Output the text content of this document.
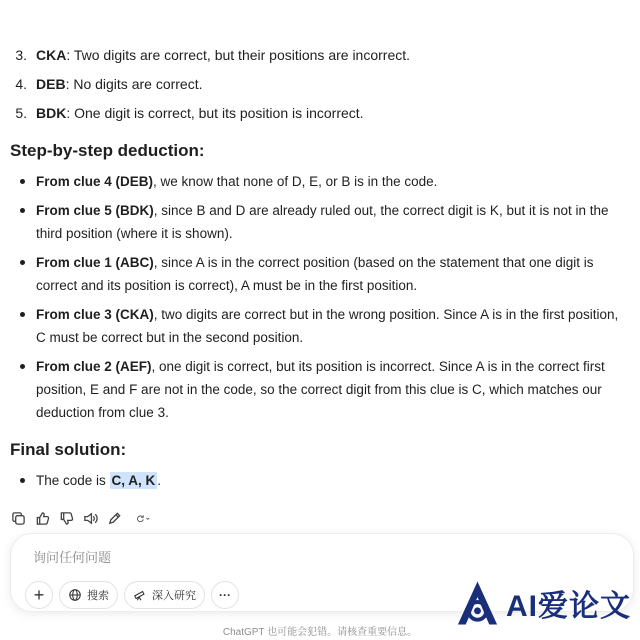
3. CKA: Two digits are correct, but their positions are incorrect.
4. DEB: No digits are correct.
5. BDK: One digit is correct, but its position is incorrect.
Step-by-step deduction:
From clue 4 (DEB), we know that none of D, E, or B is in the code.
From clue 5 (BDK), since B and D are already ruled out, the correct digit is K, but it is not in the third position (where it is shown).
From clue 1 (ABC), since A is in the correct position (based on the statement that one digit is correct and its position is correct), A must be in the first position.
From clue 3 (CKA), two digits are correct but in the wrong position. Since A is in the first position, C must be correct but in the second position.
From clue 2 (AEF), one digit is correct, but its position is incorrect. Since A is in the correct first position, E and F are not in the code, so the correct digit from this clue is C, which matches our deduction from clue 3.
Final solution:
The code is C, A, K .
询问任何问题
+	搜索	深入研究 ···
ChatGPT 也可能会犯错。请核查重要信息。
AI爱论文
